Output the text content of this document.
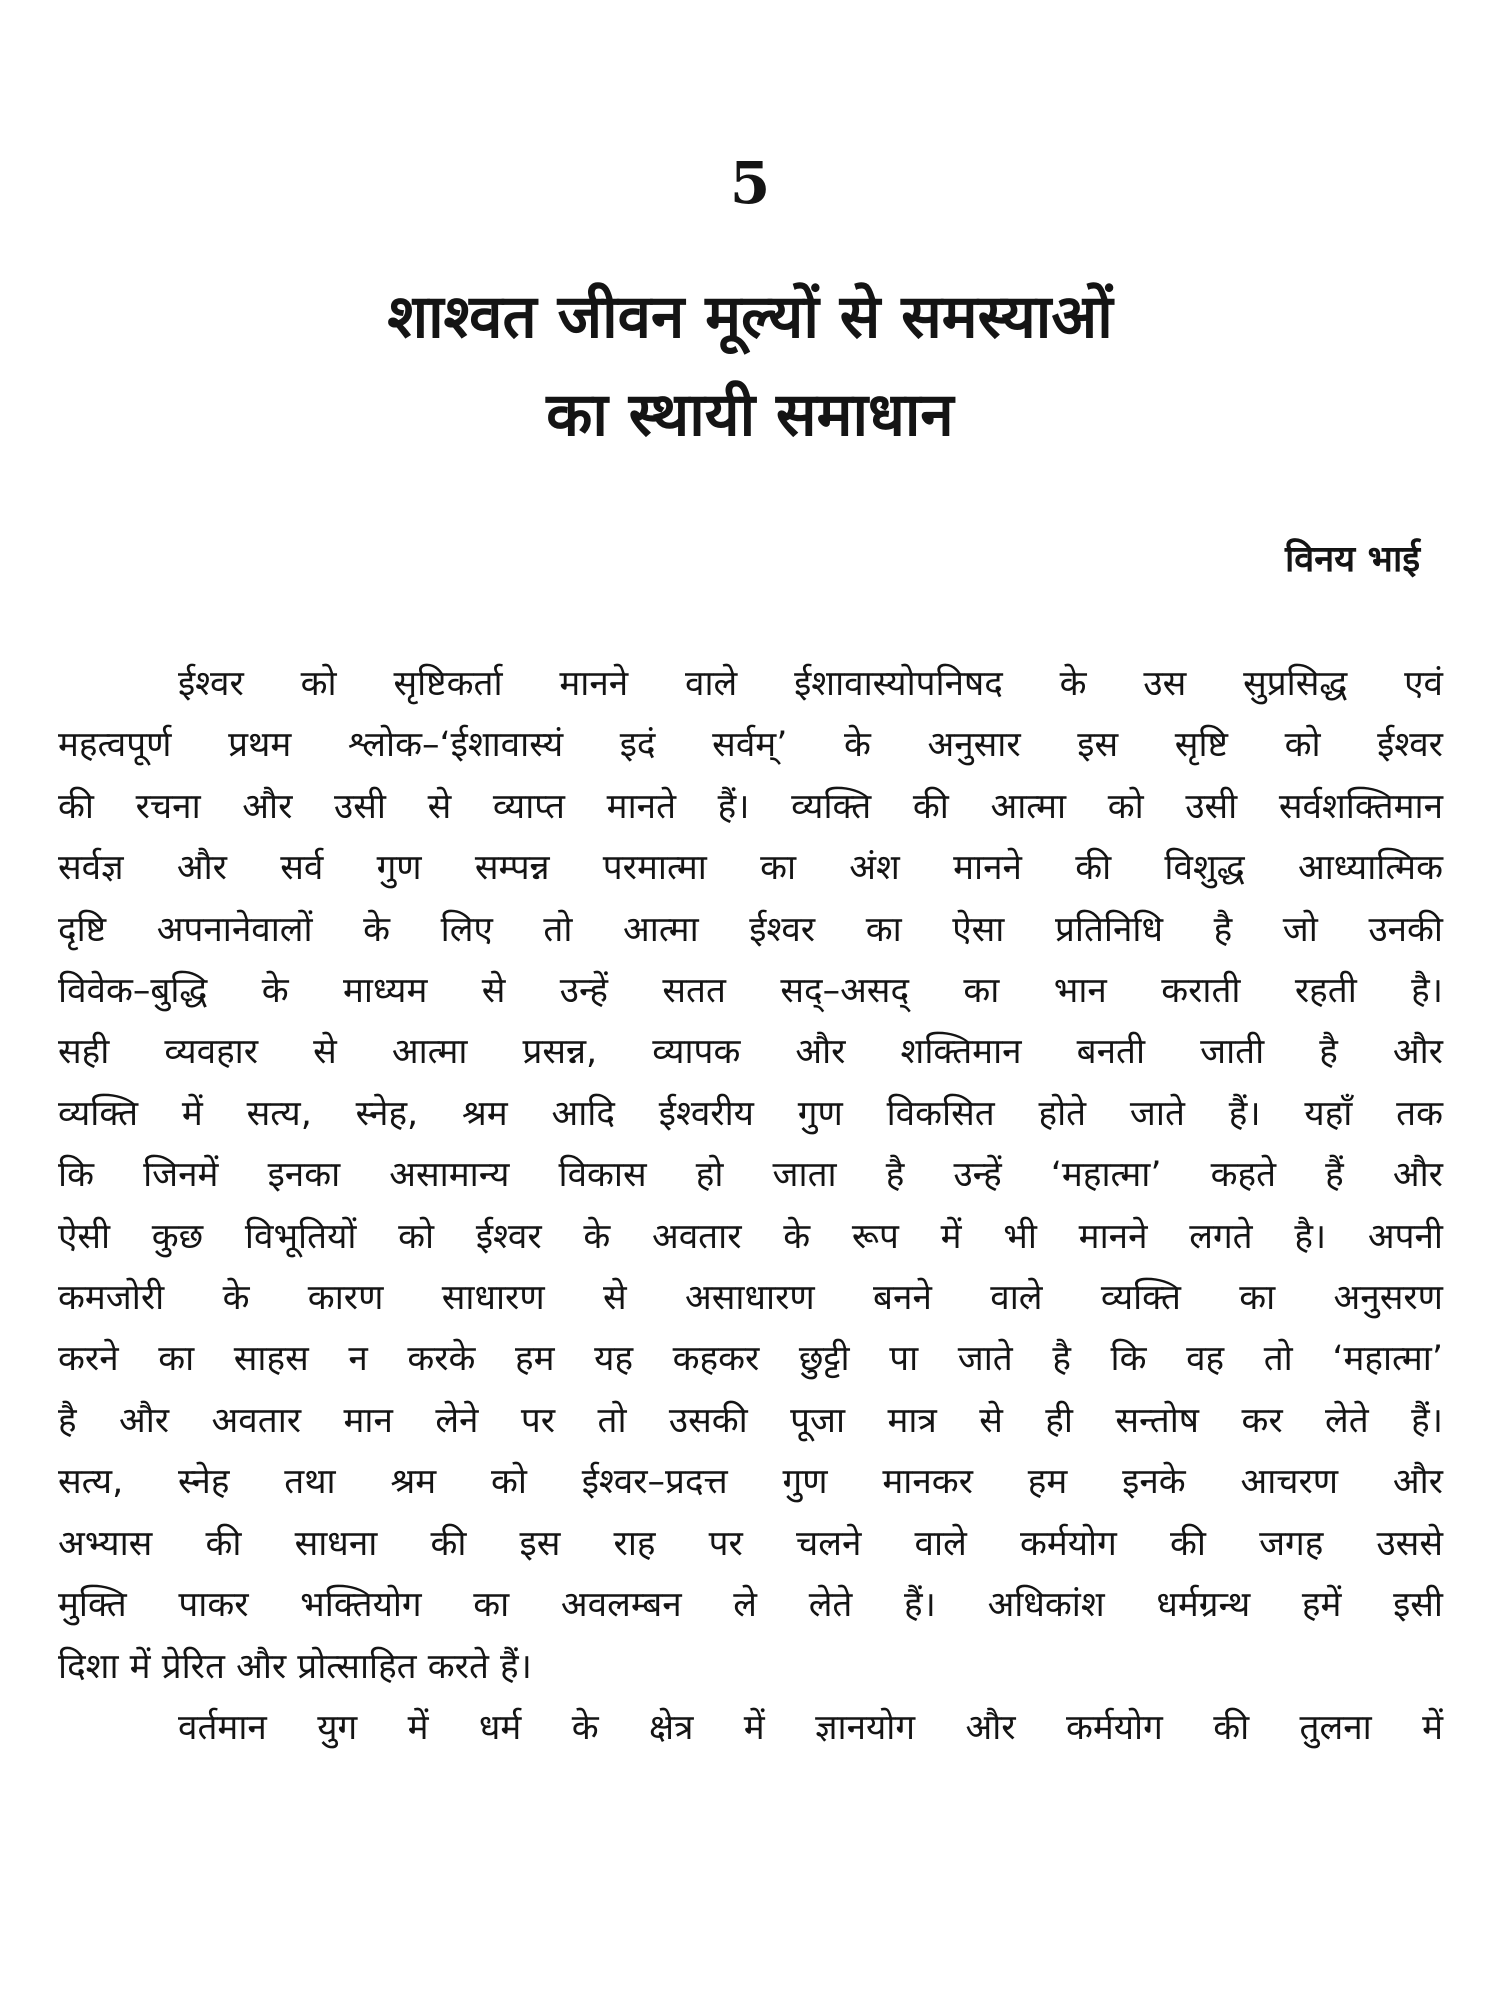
5
शाश्वत जीवन मूल्यों से समस्याओं
का स्थायी समाधान
विनय भाई
ईश्वर को सृष्टिकर्ता मानने वाले ईशावास्योपनिषद के उस सुप्रसिद्ध एवं
महत्वपूर्ण प्रथम श्लोक–‘ईशावास्यं इदं सर्वम्’ के अनुसार इस सृष्टि को ईश्वर
की रचना और उसी से व्याप्त मानते हैं। व्यक्ति की आत्मा को उसी सर्वशक्तिमान
सर्वज्ञ और सर्व गुण सम्पन्न परमात्मा का अंश मानने की विशुद्ध आध्यात्मिक
दृष्टि अपनानेवालों के लिए तो आत्मा ईश्वर का ऐसा प्रतिनिधि है जो उनकी
विवेक–बुद्धि के माध्यम से उन्हें सतत सद्–असद् का भान कराती रहती है।
सही व्यवहार से आत्मा प्रसन्न, व्यापक और शक्तिमान बनती जाती है और
व्यक्ति में सत्य, स्नेह, श्रम आदि ईश्वरीय गुण विकसित होते जाते हैं। यहाँ तक
कि जिनमें इनका असामान्य विकास हो जाता है उन्हें ‘महात्मा’ कहते हैं और
ऐसी कुछ विभूतियों को ईश्वर के अवतार के रूप में भी मानने लगते है। अपनी
कमजोरी के कारण साधारण से असाधारण बनने वाले व्यक्ति का अनुसरण
करने का साहस न करके हम यह कहकर छुट्टी पा जाते है कि वह तो ‘महात्मा’
है और अवतार मान लेने पर तो उसकी पूजा मात्र से ही सन्तोष कर लेते हैं।
सत्य, स्नेह तथा श्रम को ईश्वर–प्रदत्त गुण मानकर हम इनके आचरण और
अभ्यास की साधना की इस राह पर चलने वाले कर्मयोग की जगह उससे
मुक्ति पाकर भक्तियोग का अवलम्बन ले लेते हैं। अधिकांश धर्मग्रन्थ हमें इसी
दिशा में प्रेरित और प्रोत्साहित करते हैं।
वर्तमान युग में धर्म के क्षेत्र में ज्ञानयोग और कर्मयोग की तुलना में
